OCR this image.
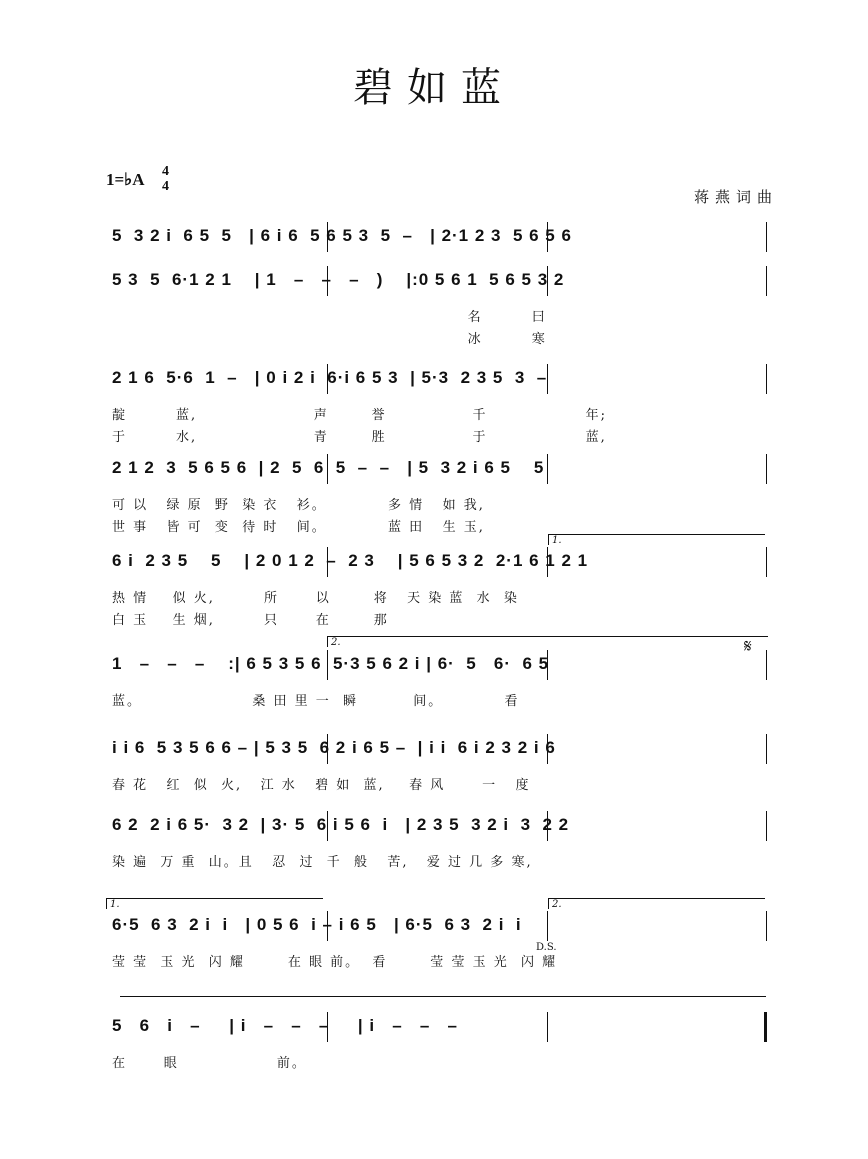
碧如蓝
1=♭A 4
4
蒋燕词曲
5  3 2 i  6 5  5   | 6 i 6  5 6 5 3  5  –   | 2·1 2 3  5 6 5 6
5 3  5  6·1 2 1    | 1   –   –   –   )    |:0 5 6 1  5 6 5 3 2
名        曰
冰        寒
2 1 6  5·6  1  –   | 0 i 2 i  6·i 6 5 3  | 5·3  2 3 5  3  –
靛        蓝,                   声       誉              千                年;
于        水,                   青       胜              于                蓝,
2 1 2  3  5 6 5 6  | 2  5  6  5  –  –   | 5  3 2 i 6 5    5
可 以   绿 原  野  染 衣   衫。          多 情   如 我,
世 事   皆 可  变  待 时   间。          蓝 田   生 玉,
6 i  2 3 5    5    | 2 0 1 2  –  2 3    | 5 6 5 3 2  2·1 6 1 2 1
热 情    似 火,        所      以       将   天 染 蓝  水  染
白 玉    生 烟,        只      在       那
1   –   –   –    :| 6 5 3 5 6  5·3 5 6 2 i | 6·  5   6·  6 5
蓝。                  桑 田 里 一  瞬         间。          看
i i 6  5 3 5 6 6 – | 5 3 5  6 2 i 6 5 –  | i i  6 i 2 3 2 i 6
春 花   红  似  火,   江 水   碧 如  蓝,    春 风      一   度
6 2  2 i 6 5·  3 2  | 3· 5  6 i 5 6  i   | 2 3 5  3 2 i  3  2 2
染 遍  万 重  山。且   忍  过  千  般   苦,   爱 过 几 多 寒,
6·5  6 3  2 i  i   | 0 5 6  i – i 6 5   | 6·5  6 3  2 i  i
莹 莹  玉 光  闪 耀       在 眼 前。  看       莹 莹 玉 光  闪 耀
5   6   i   –     | i   –   –   –     | i   –   –   –
在      眼                前。
1.
2.
1.	2.
D.S.
𝄋
